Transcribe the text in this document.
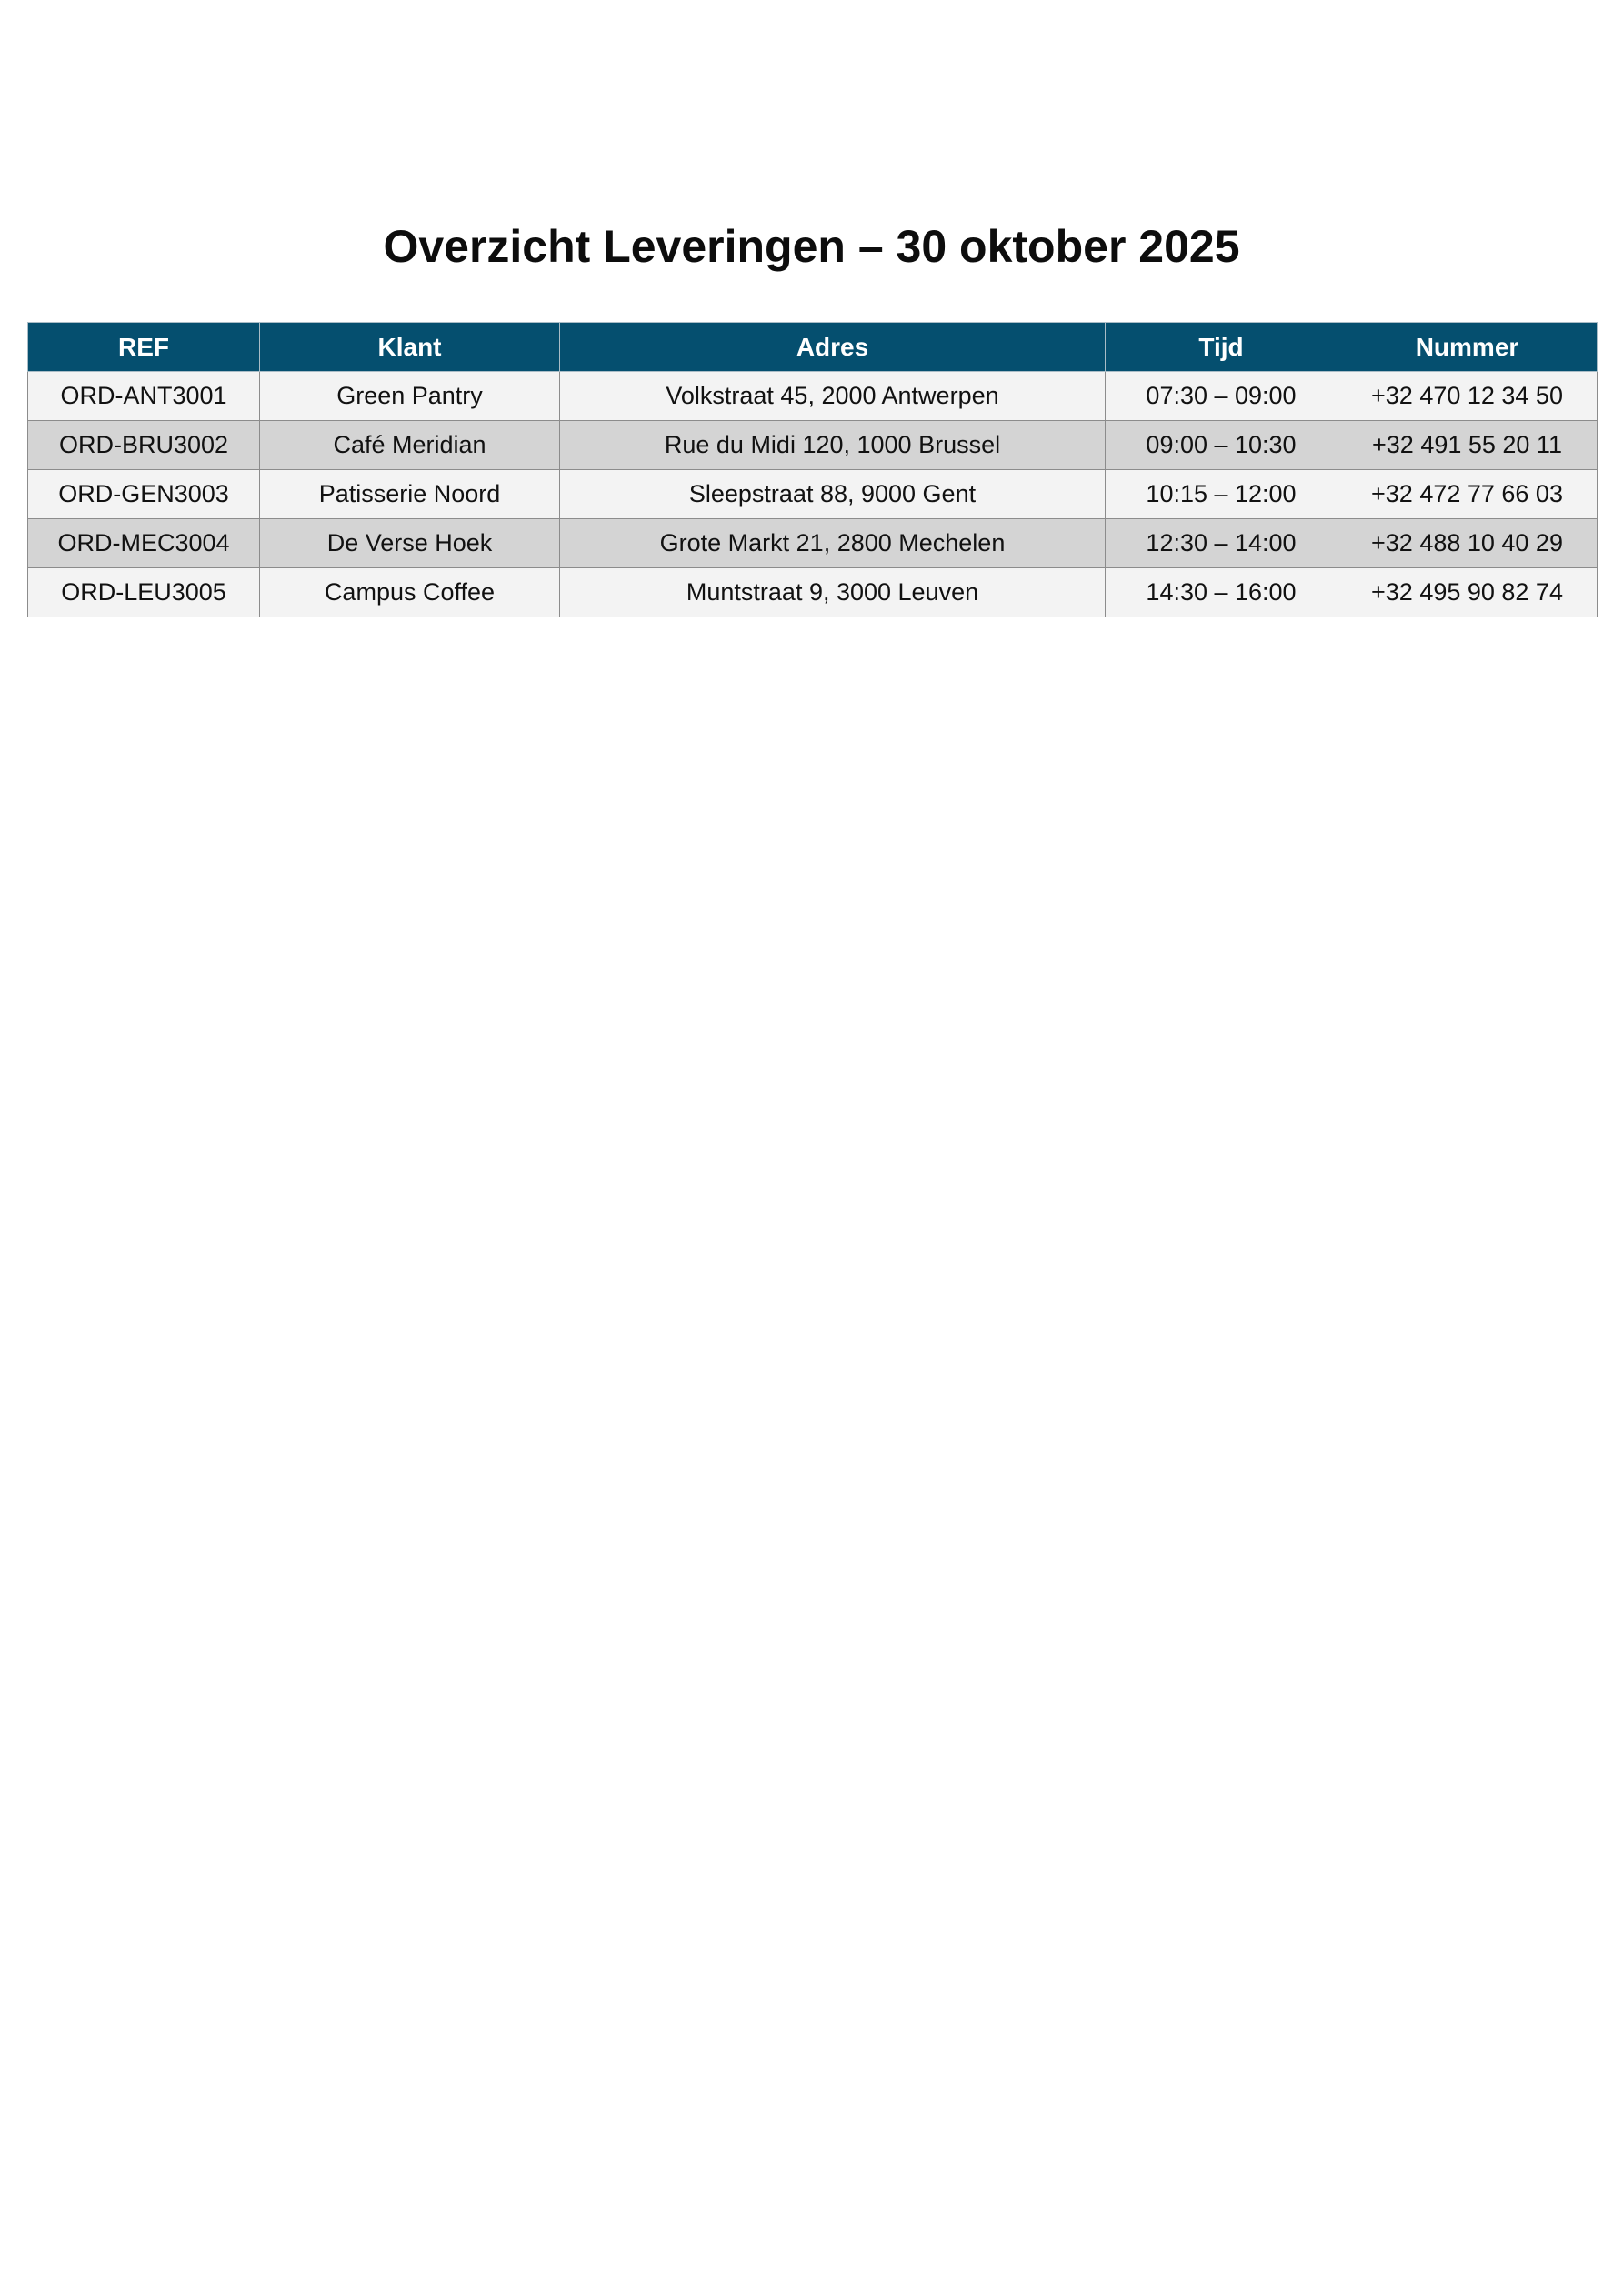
Overzicht Leveringen – 30 oktober 2025
REF	Klant	Adres	Tijd	Nummer
ORD-ANT3001	Green Pantry	Volkstraat 45, 2000 Antwerpen	07:30 – 09:00	+32 470 12 34 50
ORD-BRU3002	Café Meridian	Rue du Midi 120, 1000 Brussel	09:00 – 10:30	+32 491 55 20 11
ORD-GEN3003	Patisserie Noord	Sleepstraat 88, 9000 Gent	10:15 – 12:00	+32 472 77 66 03
ORD-MEC3004	De Verse Hoek	Grote Markt 21, 2800 Mechelen	12:30 – 14:00	+32 488 10 40 29
ORD-LEU3005	Campus Coffee	Muntstraat 9, 3000 Leuven	14:30 – 16:00	+32 495 90 82 74
